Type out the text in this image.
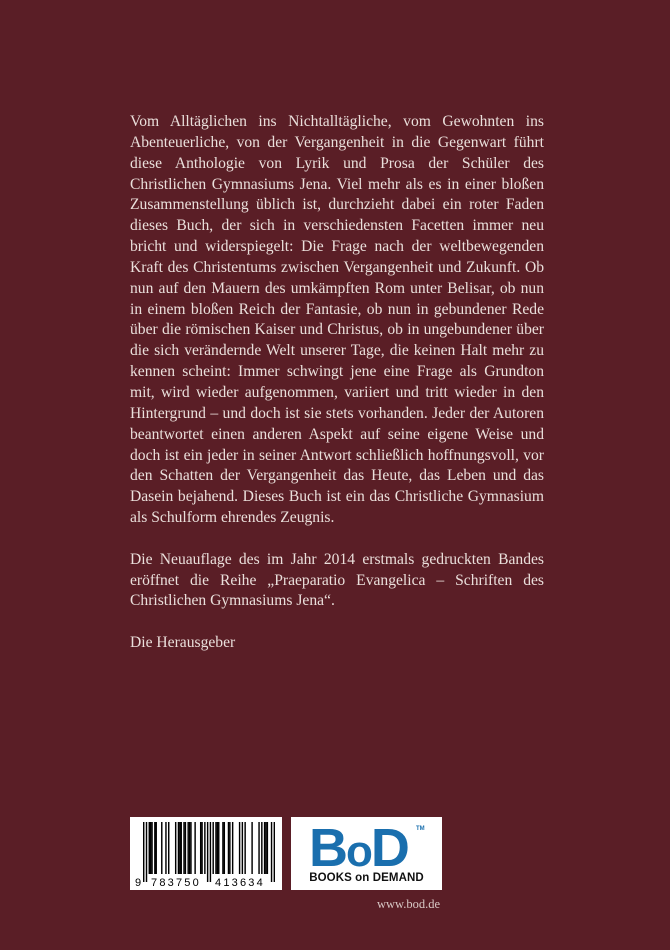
Vom Alltäglichen ins Nichtalltägliche, vom Gewohnten ins Abenteuerliche, von der Vergangenheit in die Gegenwart führt diese Anthologie von Lyrik und Prosa der Schüler des Christlichen Gymnasiums Jena. Viel mehr als es in einer bloßen Zusammenstellung üblich ist, durchzieht dabei ein roter Faden dieses Buch, der sich in verschiedensten Facetten immer neu bricht und widerspiegelt: Die Frage nach der weltbewegenden Kraft des Christentums zwischen Vergangenheit und Zukunft. Ob nun auf den Mauern des umkämpften Rom unter Belisar, ob nun in einem bloßen Reich der Fantasie, ob nun in gebundener Rede über die römischen Kaiser und Christus, ob in ungebundener über die sich verändernde Welt unserer Tage, die keinen Halt mehr zu kennen scheint: Immer schwingt jene eine Frage als Grundton mit, wird wieder aufgenommen, variiert und tritt wieder in den Hintergrund – und doch ist sie stets vorhanden. Jeder der Autoren beantwortet einen anderen Aspekt auf seine eigene Weise und doch ist ein jeder in seiner Antwort schließlich hoffnungsvoll, vor den Schatten der Vergangenheit das Heute, das Leben und das Dasein bejahend. Dieses Buch ist ein das Christliche Gymnasium als Schulform ehrendes Zeugnis.

Die Neuauflage des im Jahr 2014 erstmals gedruckten Bandes eröffnet die Reihe „Praeparatio Evangelica – Schriften des Christlichen Gymnasiums Jena“.

Die Herausgeber

9 783750 413634
BoD TM
BOOKS on DEMAND
www.bod.de
